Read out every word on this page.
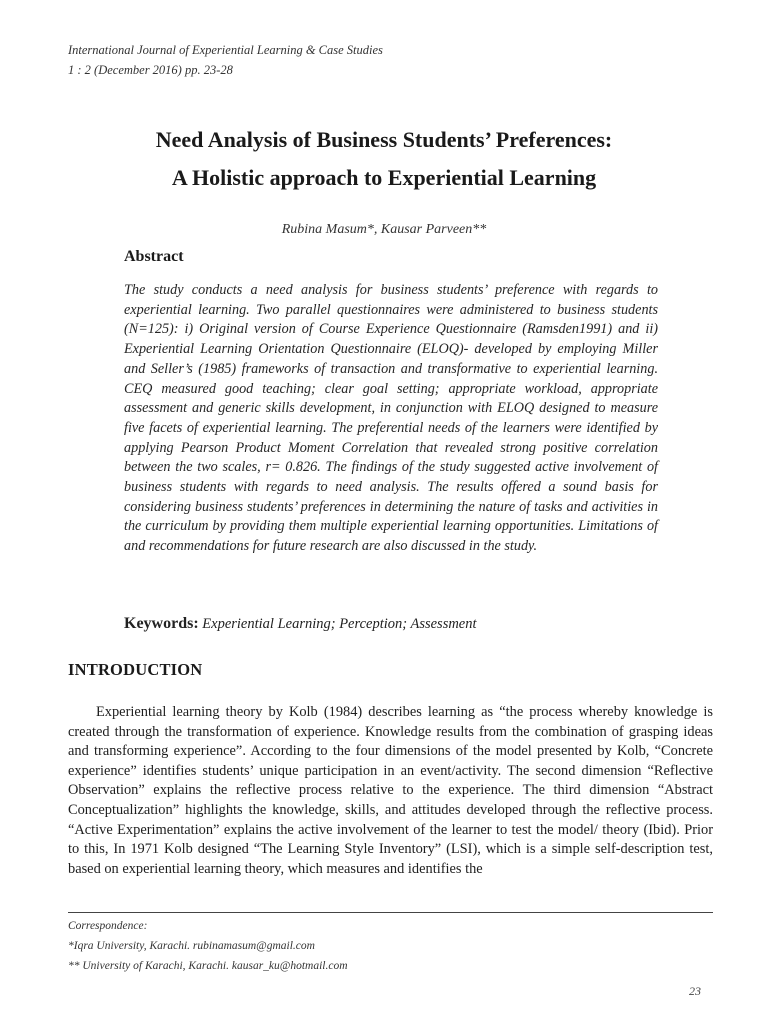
International Journal of Experiential Learning & Case Studies
1 : 2 (December 2016) pp. 23-28
Need Analysis of Business Students’ Preferences:
A Holistic approach to Experiential Learning
Rubina Masum*, Kausar Parveen**
Abstract

The study conducts a need analysis for business students’ preference with regards to experiential learning. Two parallel questionnaires were administered to business students (N=125): i) Original version of Course Experience Questionnaire (Ramsden1991) and ii) Experiential Learning Orientation Questionnaire (ELOQ)- developed by employing Miller and Seller’s (1985) frameworks of transaction and transformative to experiential learning. CEQ measured good teaching; clear goal setting; appropriate workload, appropriate assessment and generic skills development, in conjunction with ELOQ designed to measure five facets of experiential learning. The preferential needs of the learners were identified by applying Pearson Product Moment Correlation that revealed strong positive correlation between the two scales, r= 0.826. The findings of the study suggested active involvement of business students with regards to need analysis. The results offered a sound basis for considering business students’ preferences in determining the nature of tasks and activities in the curriculum by providing them multiple experiential learning opportunities. Limitations of and recommendations for future research are also discussed in the study.

Keywords: Experiential Learning; Perception; Assessment
INTRODUCTION

Experiential learning theory by Kolb (1984) describes learning as “the process whereby knowledge is created through the transformation of experience. Knowledge results from the combination of grasping ideas and transforming experience”. According to the four dimensions of the model presented by Kolb, “Concrete experience” identifies students’ unique participation in an event/activity. The second dimension “Reflective Observation” explains the reflective process relative to the experience. The third dimension “Abstract Conceptualization” highlights the knowledge, skills, and attitudes developed through the reflective process. “Active Experimentation” explains the active involvement of the learner to test the model/ theory (Ibid). Prior to this, In 1971 Kolb designed “The Learning Style Inventory” (LSI), which is a simple self-description test, based on experiential learning theory, which measures and identifies the

Correspondence:
*Iqra University, Karachi. rubinamasum@gmail.com
** University of Karachi, Karachi. kausar_ku@hotmail.com
23
